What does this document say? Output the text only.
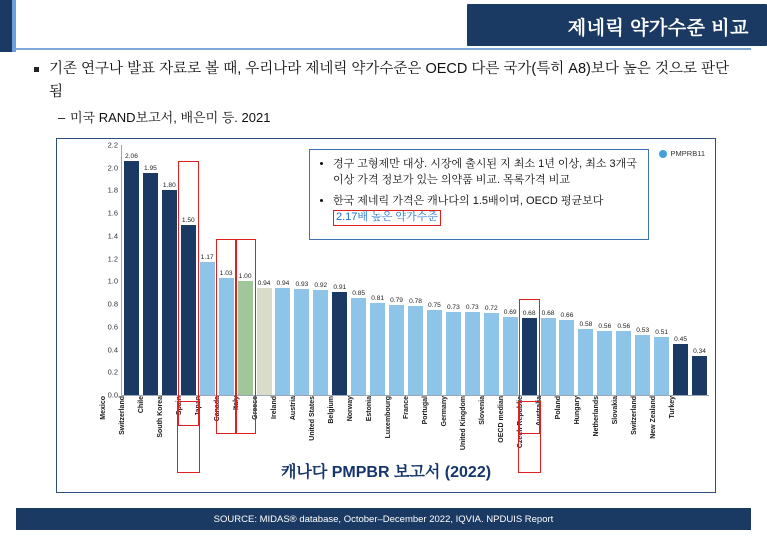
제네릭 약가수준 비교
기존 연구나 발표 자료로 볼 때, 우리나라 제네릭 약가수준은 OECD 다른 국가(특히 A8)보다 높은 것으로 판단됨
– 미국 RAND보고서, 배은미 등. 2021
PMPRB11
0.0
0.2
0.4
0.6
0.8
1.0
1.2
1.4
1.6
1.8
2.0
2.2
2.06
1.95
1.80
1.50
1.17
1.03 1.00
0.94 0.94 0.93 0.92 0.91
0.85
0.81 0.79 0.78 0.75 0.73 0.73 0.72 0.69 0.68 0.68 0.66
0.58 0.56 0.56 0.53 0.51
0.45
0.34
Mexico Switzerland Chile South Korea Spain Japan Canada Italy Greece Ireland Austria United States Belgium Norway Estonia Luxembourg France Portugal Germany United Kingdom Slovenia OECD median Czech Republic Australia Poland Hungary Netherlands Slovakia Switzerland New Zealand Turkey
• 경구 고형제만 대상. 시장에 출시된 지 최소 1년 이상, 최소 3개국이상 가격 정보가 있는 의약품 비교. 목록가격 비교
• 한국 제네릭 가격은 캐나다의 1.5배이며, OECD 평균보다 2.17배 높은 약가수준
캐나다 PMPBR 보고서 (2022)
SOURCE: MIDAS® database, October–December 2022, IQVIA. NPDUIS Report
